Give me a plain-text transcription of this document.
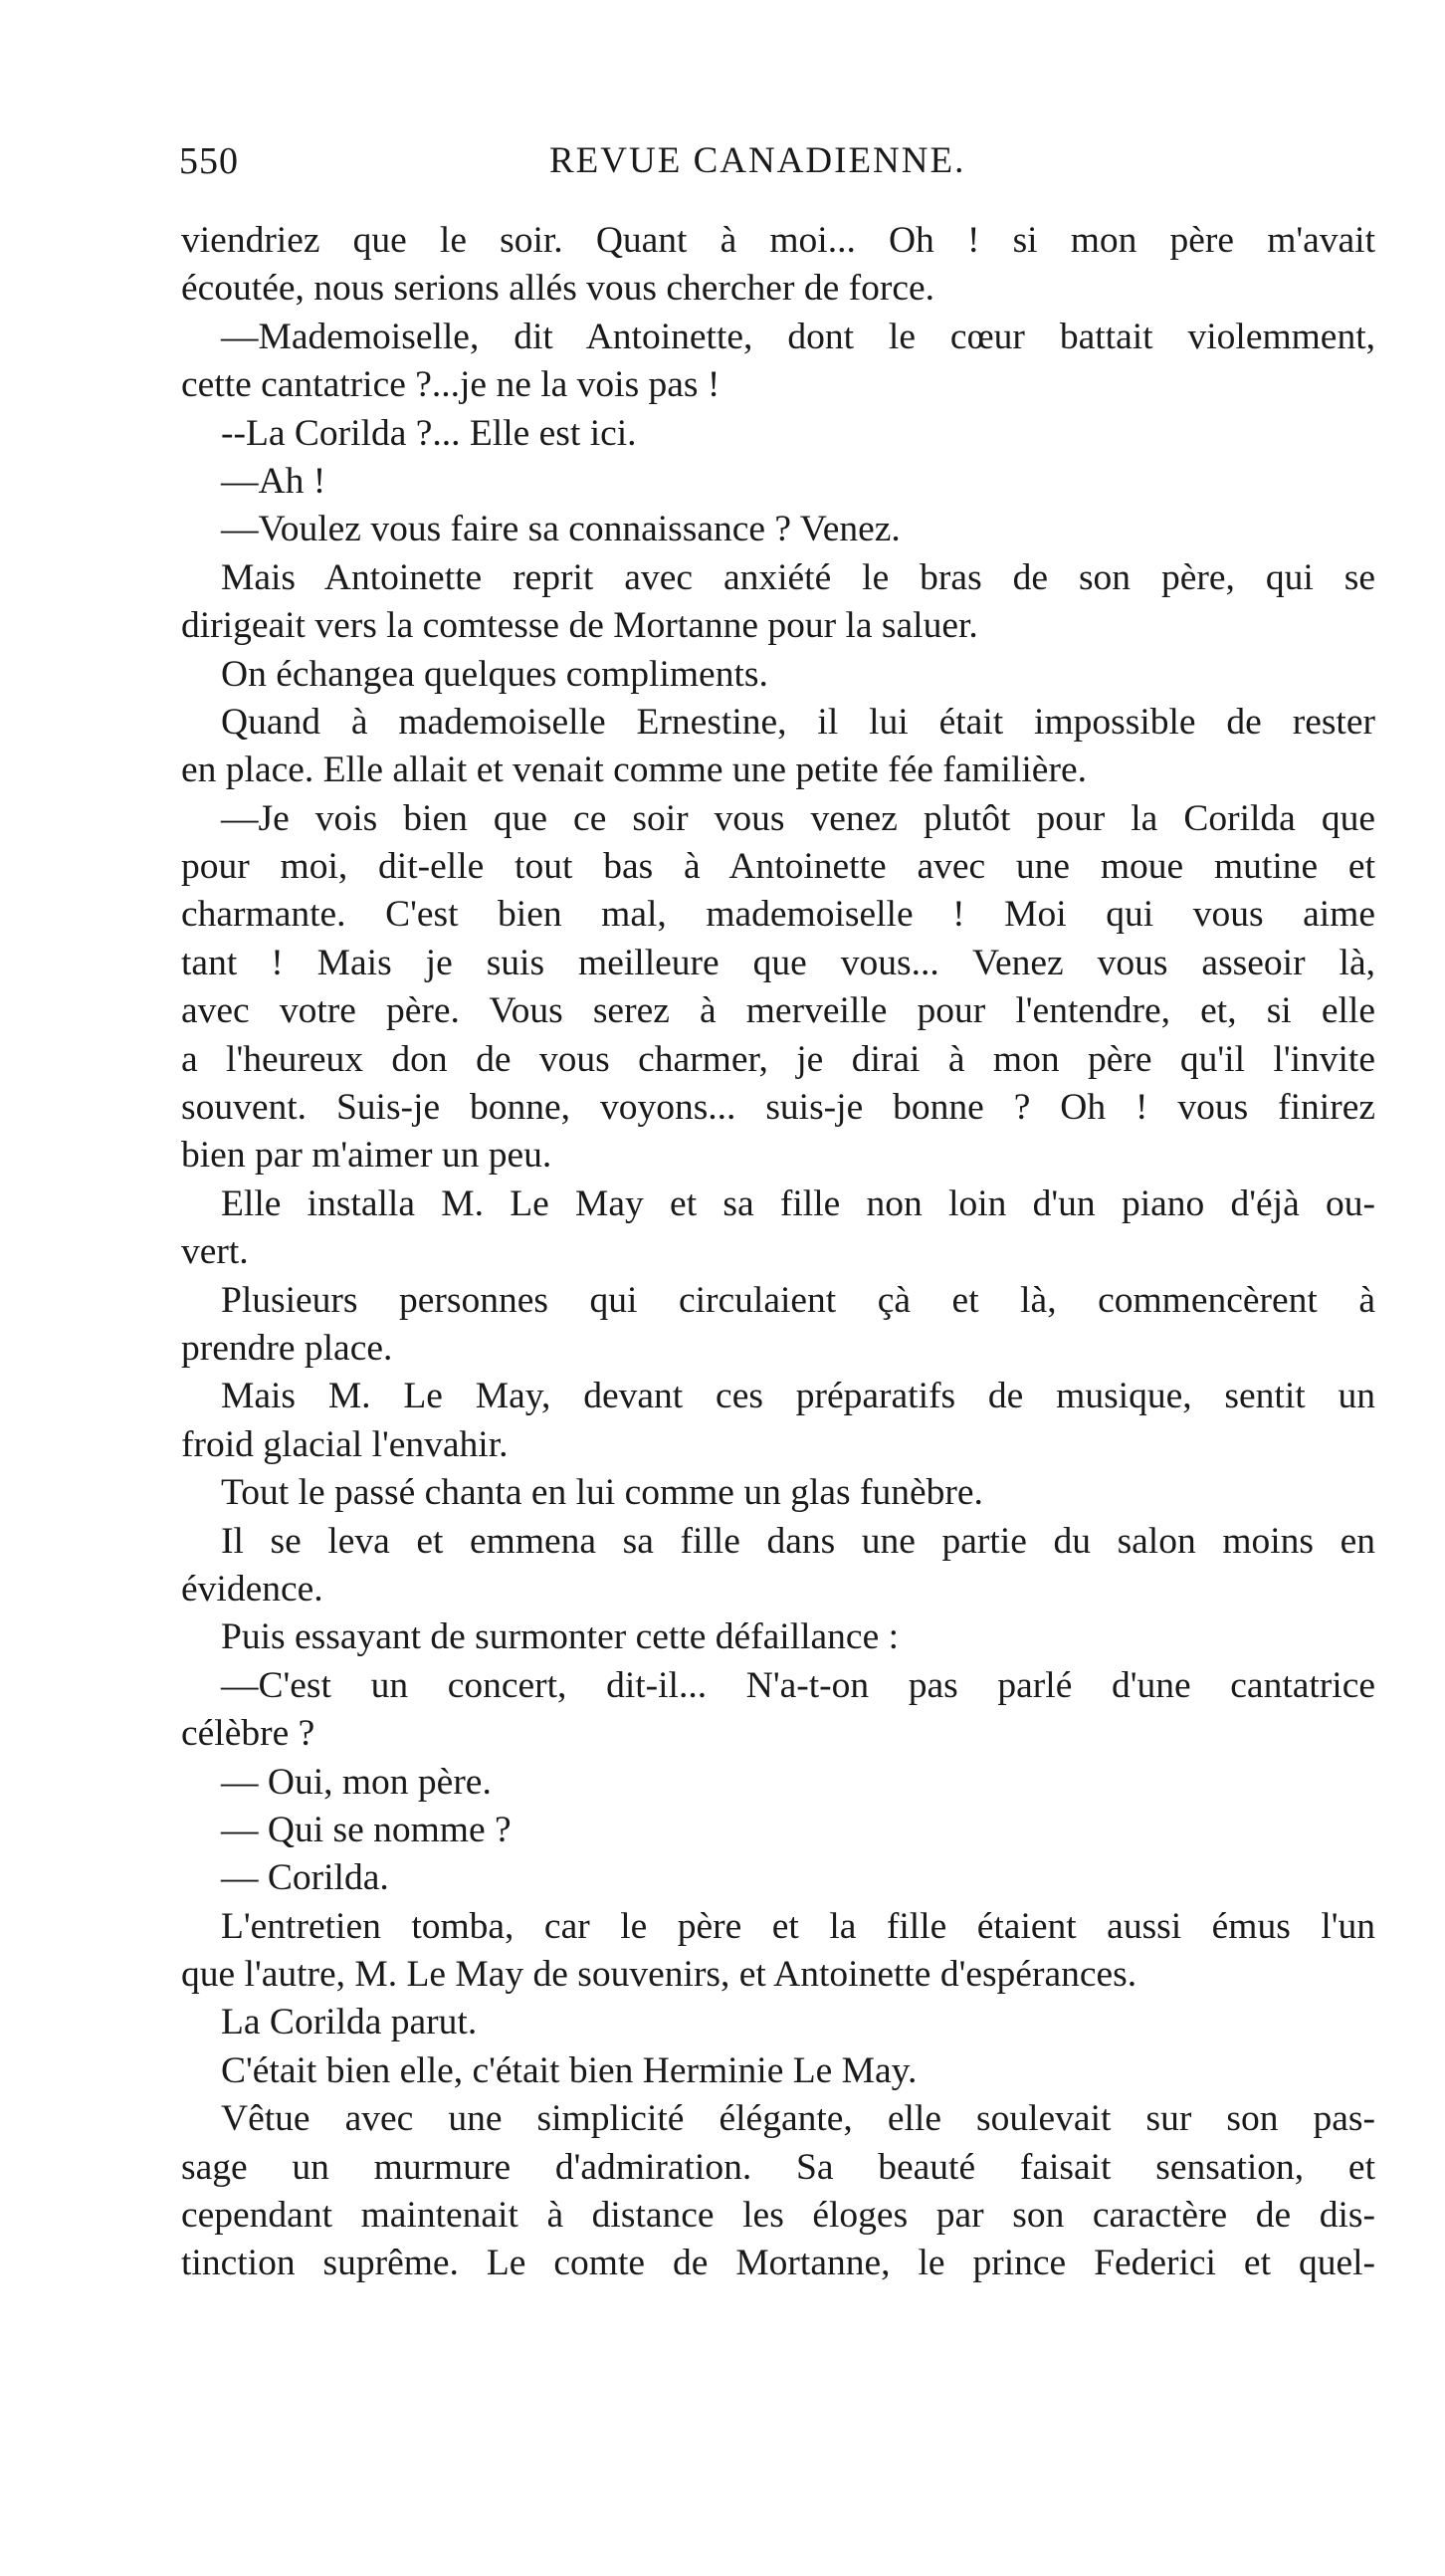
550	REVUE CANADIENNE.
viendriez que le soir. Quant à moi... Oh ! si mon père m'avait
écoutée, nous serions allés vous chercher de force.
—Mademoiselle, dit Antoinette, dont le cœur battait violemment,
cette cantatrice ?...je ne la vois pas !
--La Corilda ?... Elle est ici.
—Ah !
—Voulez vous faire sa connaissance ? Venez.
Mais Antoinette reprit avec anxiété le bras de son père, qui se
dirigeait vers la comtesse de Mortanne pour la saluer.
On échangea quelques compliments.
Quand à mademoiselle Ernestine, il lui était impossible de rester
en place. Elle allait et venait comme une petite fée familière.
—Je vois bien que ce soir vous venez plutôt pour la Corilda que
pour moi, dit-elle tout bas à Antoinette avec une moue mutine et
charmante. C'est bien mal, mademoiselle ! Moi qui vous aime
tant ! Mais je suis meilleure que vous... Venez vous asseoir là,
avec votre père. Vous serez à merveille pour l'entendre, et, si elle
a l'heureux don de vous charmer, je dirai à mon père qu'il l'invite
souvent. Suis-je bonne, voyons... suis-je bonne ? Oh ! vous finirez
bien par m'aimer un peu.
Elle installa M. Le May et sa fille non loin d'un piano d'éjà ou-
vert.
Plusieurs personnes qui circulaient çà et là, commencèrent à
prendre place.
Mais M. Le May, devant ces préparatifs de musique, sentit un
froid glacial l'envahir.
Tout le passé chanta en lui comme un glas funèbre.
Il se leva et emmena sa fille dans une partie du salon moins en
évidence.
Puis essayant de surmonter cette défaillance :
—C'est un concert, dit-il... N'a-t-on pas parlé d'une cantatrice
célèbre ?
— Oui, mon père.
— Qui se nomme ?
— Corilda.
L'entretien tomba, car le père et la fille étaient aussi émus l'un
que l'autre, M. Le May de souvenirs, et Antoinette d'espérances.
La Corilda parut.
C'était bien elle, c'était bien Herminie Le May.
Vêtue avec une simplicité élégante, elle soulevait sur son pas-
sage un murmure d'admiration. Sa beauté faisait sensation, et
cependant maintenait à distance les éloges par son caractère de dis-
tinction suprême. Le comte de Mortanne, le prince Federici et quel-
